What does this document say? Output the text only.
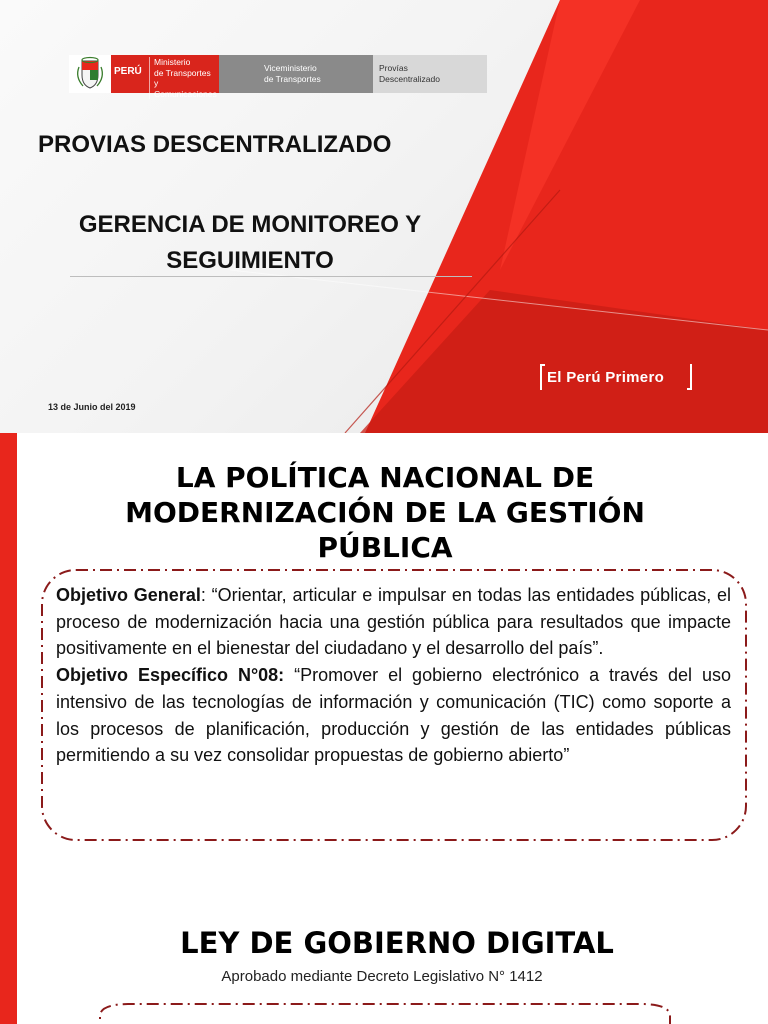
PERÚ
Ministerio
de Transportes
y Comunicaciones
Viceministerio
de Transportes
Provías
Descentralizado
PROVIAS DESCENTRALIZADO
GERENCIA DE MONITOREO Y SEGUIMIENTO
13 de Junio del 2019
El Perú Primero
LA POLÍTICA NACIONAL DE MODERNIZACIÓN DE LA GESTIÓN PÚBLICA

Objetivo General: “Orientar, articular e impulsar en todas las entidades públicas, el proceso de modernización hacia una gestión pública para resultados que impacte positivamente en el bienestar del ciudadano y el desarrollo del país”.

Objetivo Específico N°08: “Promover el gobierno electrónico a través del uso intensivo de las tecnologías de información y comunicación (TIC) como soporte a los procesos de planificación, producción y gestión de las entidades públicas permitiendo a su vez consolidar propuestas de gobierno abierto”

LEY DE GOBIERNO DIGITAL
Aprobado mediante Decreto Legislativo N° 1412
